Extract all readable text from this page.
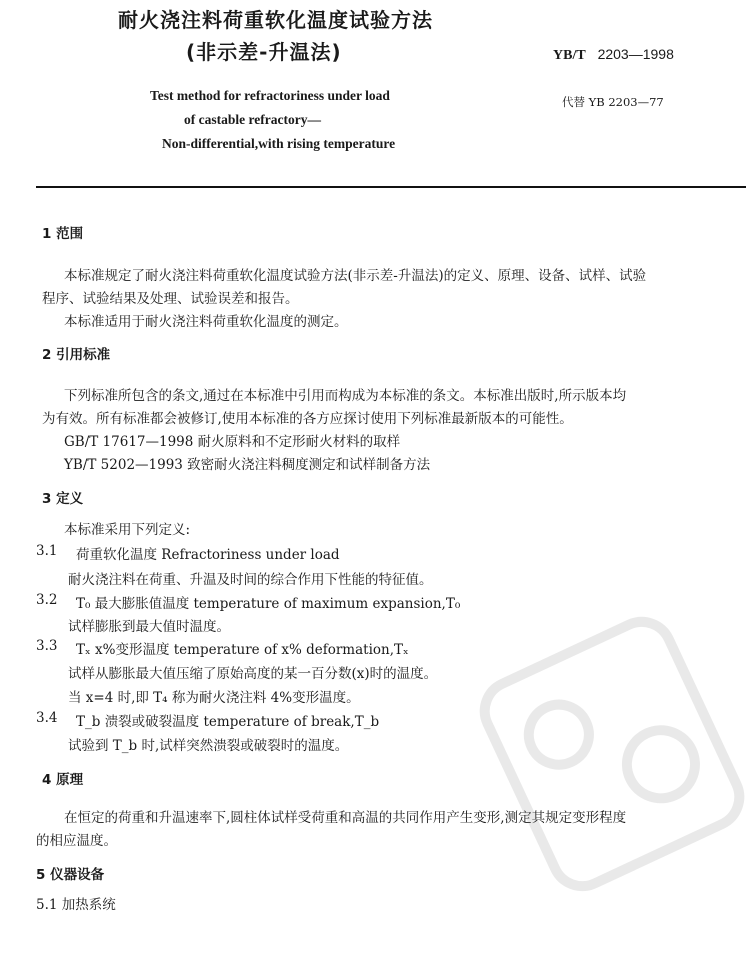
耐火浇注料荷重软化温度试验方法
(非示差-升温法)	YB/T 2203—1998
Test method for refractoriness under load
of castable refractory—
Non-differential,with rising temperature
代替 YB 2203—77
1 范围
本标准规定了耐火浇注料荷重软化温度试验方法(非示差-升温法)的定义、原理、设备、试样、试验
程序、试验结果及处理、试验误差和报告。
本标准适用于耐火浇注料荷重软化温度的测定。
2 引用标准
下列标准所包含的条文,通过在本标准中引用而构成为本标准的条文。本标准出版时,所示版本均
为有效。所有标准都会被修订,使用本标准的各方应探讨使用下列标准最新版本的可能性。
GB/T 17617—1998 耐火原料和不定形耐火材料的取样
YB/T 5202—1993 致密耐火浇注料稠度测定和试样制备方法
3 定义
本标准采用下列定义:
3.1 荷重软化温度 Refractoriness under load
耐火浇注料在荷重、升温及时间的综合作用下性能的特征值。
3.2 T₀ 最大膨胀值温度 temperature of maximum expansion,T₀
试样膨胀到最大值时温度。
3.3 Tₓ x%变形温度 temperature of x% deformation,Tₓ
试样从膨胀最大值压缩了原始高度的某一百分数(x)时的温度。
当 x=4 时,即 T₄ 称为耐火浇注料 4%变形温度。
3.4 T_b 溃裂或破裂温度 temperature of break,T_b
试验到 T_b 时,试样突然溃裂或破裂时的温度。
4 原理
在恒定的荷重和升温速率下,圆柱体试样受荷重和高温的共同作用产生变形,测定其规定变形程度
的相应温度。
5 仪器设备
5.1 加热系统
